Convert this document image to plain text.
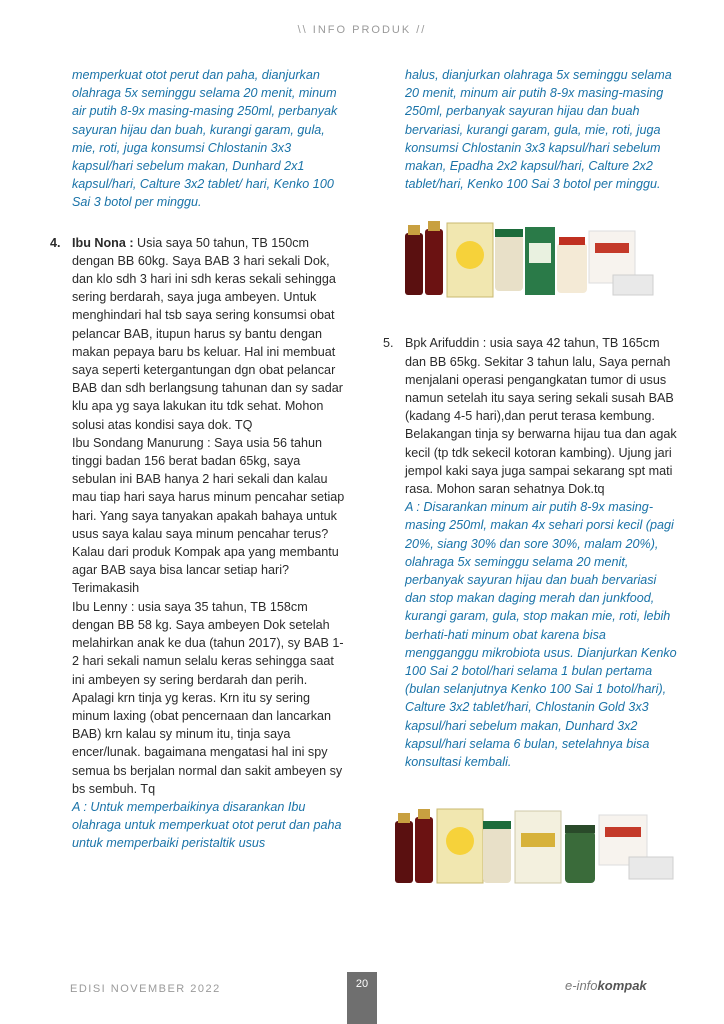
\\ INFO PRODUK //

memperkuat otot perut dan paha, dianjurkan olahraga 5x seminggu selama 20 menit, minum air putih 8-9x masing-masing 250ml, perbanyak sayuran hijau dan buah, kurangi garam, gula, mie, roti, juga konsumsi Chlostanin 3x3 kapsul/hari sebelum makan, Dunhard 2x1 kapsul/hari, Calture 3x2 tablet/ hari, Kenko 100 Sai 3 botol per minggu.

4. Ibu Nona : Usia saya 50 tahun, TB 150cm dengan BB 60kg. Saya BAB 3 hari sekali Dok, dan klo sdh 3 hari ini sdh keras sekali sehingga sering berdarah, saya juga ambeyen. Untuk menghindari hal tsb saya sering konsumsi obat pelancar BAB, itupun harus sy bantu dengan makan pepaya baru bs keluar. Hal ini membuat saya seperti ketergantungan dgn obat pelancar BAB dan sdh berlangsung tahunan dan sy sadar klu apa yg saya lakukan itu tdk sehat. Mohon solusi atas kondisi saya dok. TQ

Ibu Sondang Manurung : Saya usia 56 tahun tinggi badan 156 berat badan 65kg, saya sebulan ini BAB hanya 2 hari sekali dan kalau mau tiap hari saya harus minum pencahar setiap hari. Yang saya tanyakan apakah bahaya untuk usus saya kalau saya minum pencahar terus? Kalau dari produk Kompak apa yang membantu agar BAB saya bisa lancar setiap hari? Terimakasih

Ibu Lenny : usia saya 35 tahun, TB 158cm dengan BB 58 kg. Saya ambeyen Dok setelah melahirkan anak ke dua (tahun 2017), sy BAB 1-2 hari sekali namun selalu keras sehingga saat ini ambeyen sy sering berdarah dan perih. Apalagi krn tinja yg keras. Krn itu sy sering minum laxing (obat pencernaan dan lancarkan BAB) krn kalau sy minum itu, tinja saya encer/lunak. bagaimana mengatasi hal ini spy semua bs berjalan normal dan sakit ambeyen sy bs sembuh. Tq

A : Untuk memperbaikinya disarankan Ibu olahraga untuk memperkuat otot perut dan paha untuk memperbaiki peristaltik usus

halus, dianjurkan olahraga 5x seminggu selama 20 menit, minum air putih 8-9x masing-masing 250ml, perbanyak sayuran hijau dan buah bervariasi, kurangi garam, gula, mie, roti, juga konsumsi Chlostanin 3x3 kapsul/hari sebelum makan, Epadha 2x2 kapsul/hari, Calture 2x2 tablet/hari, Kenko 100 Sai 3 botol per minggu.

5. Bpk Arifuddin : usia saya 42 tahun, TB 165cm dan BB 65kg. Sekitar 3 tahun lalu, Saya pernah menjalani operasi pengangkatan tumor di usus namun setelah itu saya sering sekali susah BAB (kadang 4-5 hari),dan perut terasa kembung. Belakangan tinja sy berwarna hijau tua dan agak kecil (tp tdk sekecil kotoran kambing). Ujung jari jempol kaki saya juga sampai sekarang spt mati rasa. Mohon saran sehatnya Dok.tq

A : Disarankan minum air putih 8-9x masing-masing 250ml, makan 4x sehari porsi kecil (pagi 20%, siang 30% dan sore 30%, malam 20%), olahraga 5x seminggu selama 20 menit, perbanyak sayuran hijau dan buah bervariasi dan stop makan daging merah dan junkfood, kurangi garam, gula, stop makan mie, roti, lebih berhati-hati minum obat karena bisa mengganggu mikrobiota usus. Dianjurkan Kenko 100 Sai 2 botol/hari selama 1 bulan pertama (bulan selanjutnya Kenko 100 Sai 1 botol/hari), Calture 3x2 tablet/hari, Chlostanin Gold 3x3 kapsul/hari sebelum makan, Dunhard 3x2 kapsul/hari selama 6 bulan, setelahnya bisa konsultasi kembali.

EDISI NOVEMBER 2022	20	e-infokompak
